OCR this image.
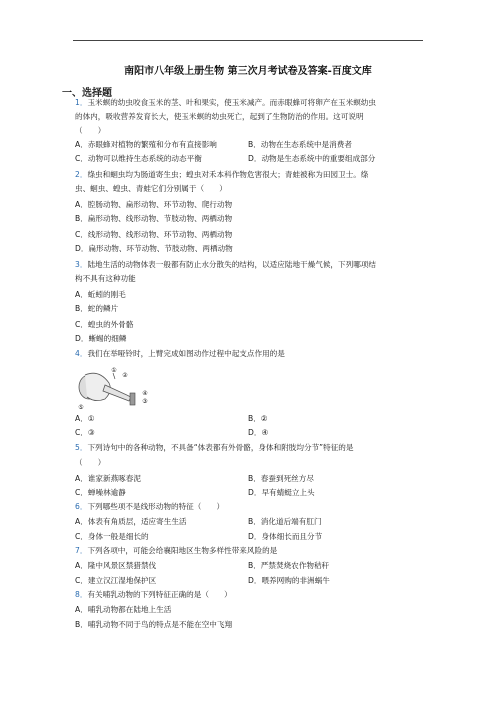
南阳市八年级上册生物 第三次月考试卷及答案-百度文库
一、选择题
1．玉米螟的幼虫咬食玉米的茎、叶和果实，使玉米减产。而赤眼蜂可将卵产在玉米螟幼虫
的体内，吸收营养发育长大，使玉米螟的幼虫死亡，起到了生物防治的作用。这可说明
（　　）
A．赤眼蜂对植物的繁殖和分布有直接影响	B．动物在生态系统中是消费者
C．动物可以维持生态系统的动态平衡	D．动物是生态系统中的重要组成部分
2．绦虫和蛔虫均为肠道寄生虫；蝗虫对禾本科作物危害很大；青蛙被称为田园卫士。绦
虫、蛔虫、蝗虫、青蛙它们分别属于（　　）
A．腔肠动物、扁形动物、环节动物、爬行动物
B．扁形动物、线形动物、节肢动物、两栖动物
C．线形动物、线形动物、环节动物、两栖动物
D．扁形动物、环节动物、节肢动物、两栖动物
3．陆地生活的动物体表一般都有防止水分散失的结构，以适应陆地干燥气候，下列哪项结
构不具有这种功能
A．蚯蚓的刚毛
B．蛇的鳞片
C．蝗虫的外骨骼
D．蜥蜴的细鳞
4．我们在举哑铃时，上臂完成如图动作过程中起支点作用的是
①
②
④
③
⑤
A．①	B．②
C．③	D．④
5．下列诗句中的各种动物，不具备“体表都有外骨骼，身体和附肢均分节”特征的是
（　　）
A．谁家新燕啄春泥	B．春蚕到死丝方尽
C．蝉噪林逾静	D．早有蜻蜓立上头
6．下列哪些项不是线形动物的特征（　　）
A．体表有角质层，适应寄生生活	B．消化道后端有肛门
C．身体一般是细长的	D．身体细长而且分节
7．下列各项中，可能会给襄阳地区生物多样性带来风险的是
A．隆中风景区禁猎禁伐	B．严禁焚烧农作物秸秆
C．建立汉江湿地保护区	D．喂养网购的非洲蜗牛
8．有关哺乳动物的下列特征正确的是（　　）
A．哺乳动物都在陆地上生活
B．哺乳动物不同于鸟的特点是不能在空中飞翔
